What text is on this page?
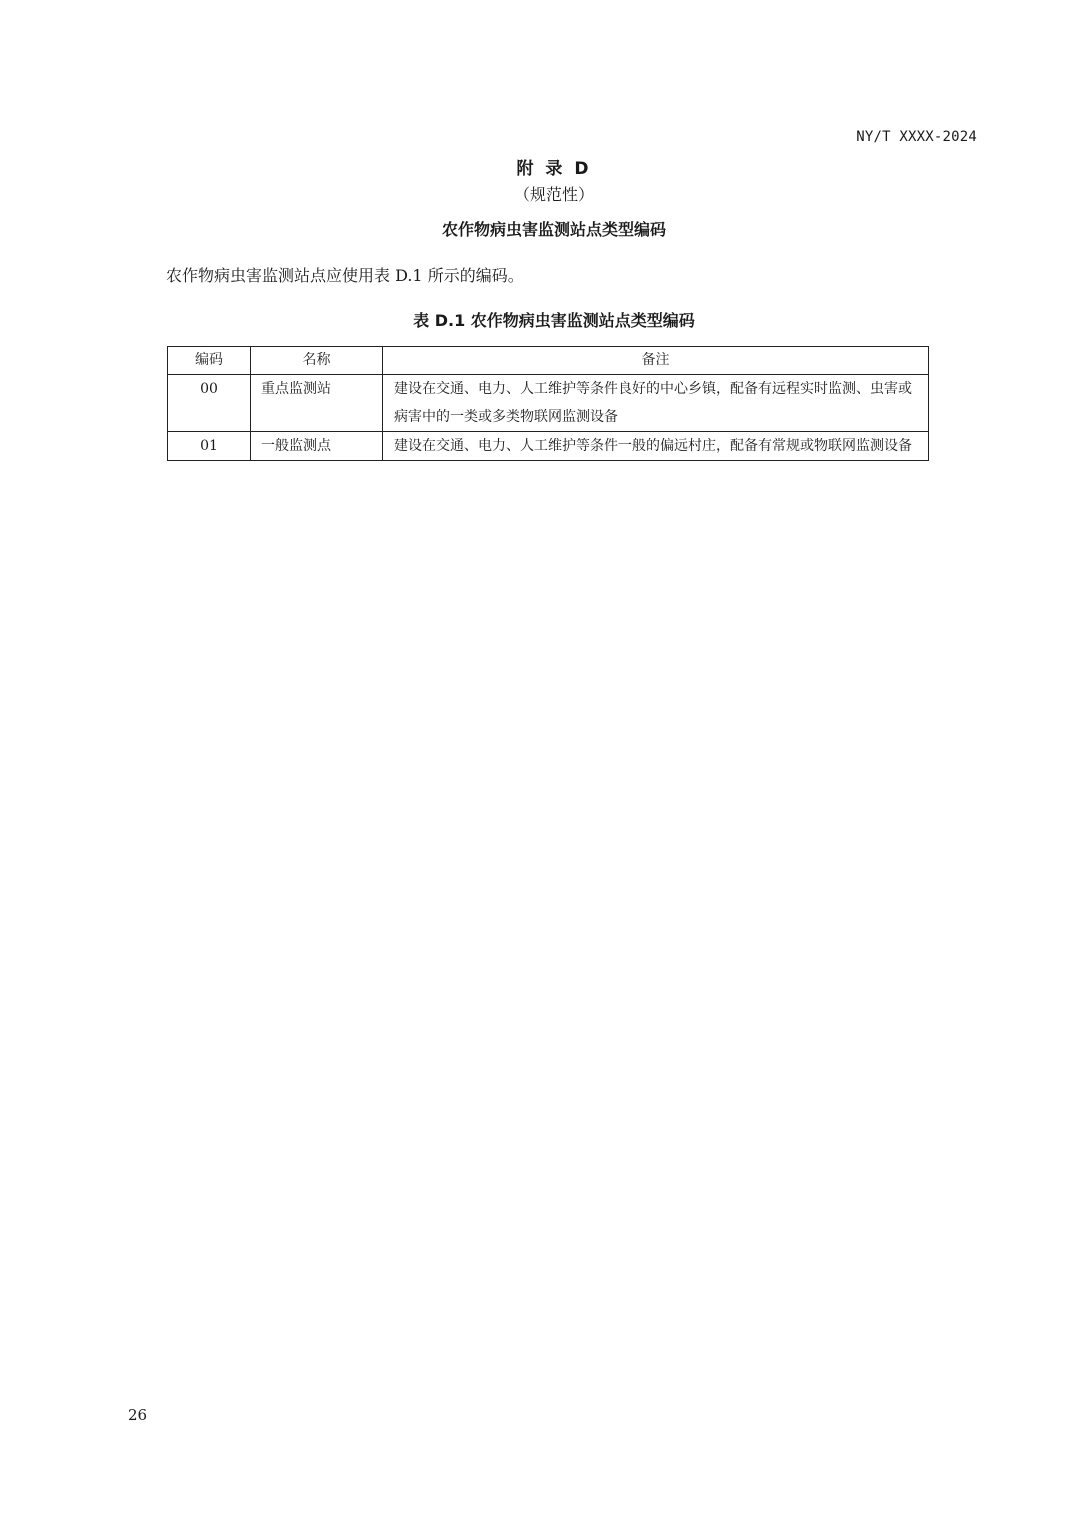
NY/T XXXX-2024
附 录 D
（规范性）
农作物病虫害监测站点类型编码
农作物病虫害监测站点应使用表 D.1 所示的编码。
表 D.1 农作物病虫害监测站点类型编码
编码	名称	备注
00	重点监测站	建设在交通、电力、人工维护等条件良好的中心乡镇，配备有远程实时监测、虫害或病害中的一类或多类物联网监测设备
01	一般监测点	建设在交通、电力、人工维护等条件一般的偏远村庄，配备有常规或物联网监测设备
26
